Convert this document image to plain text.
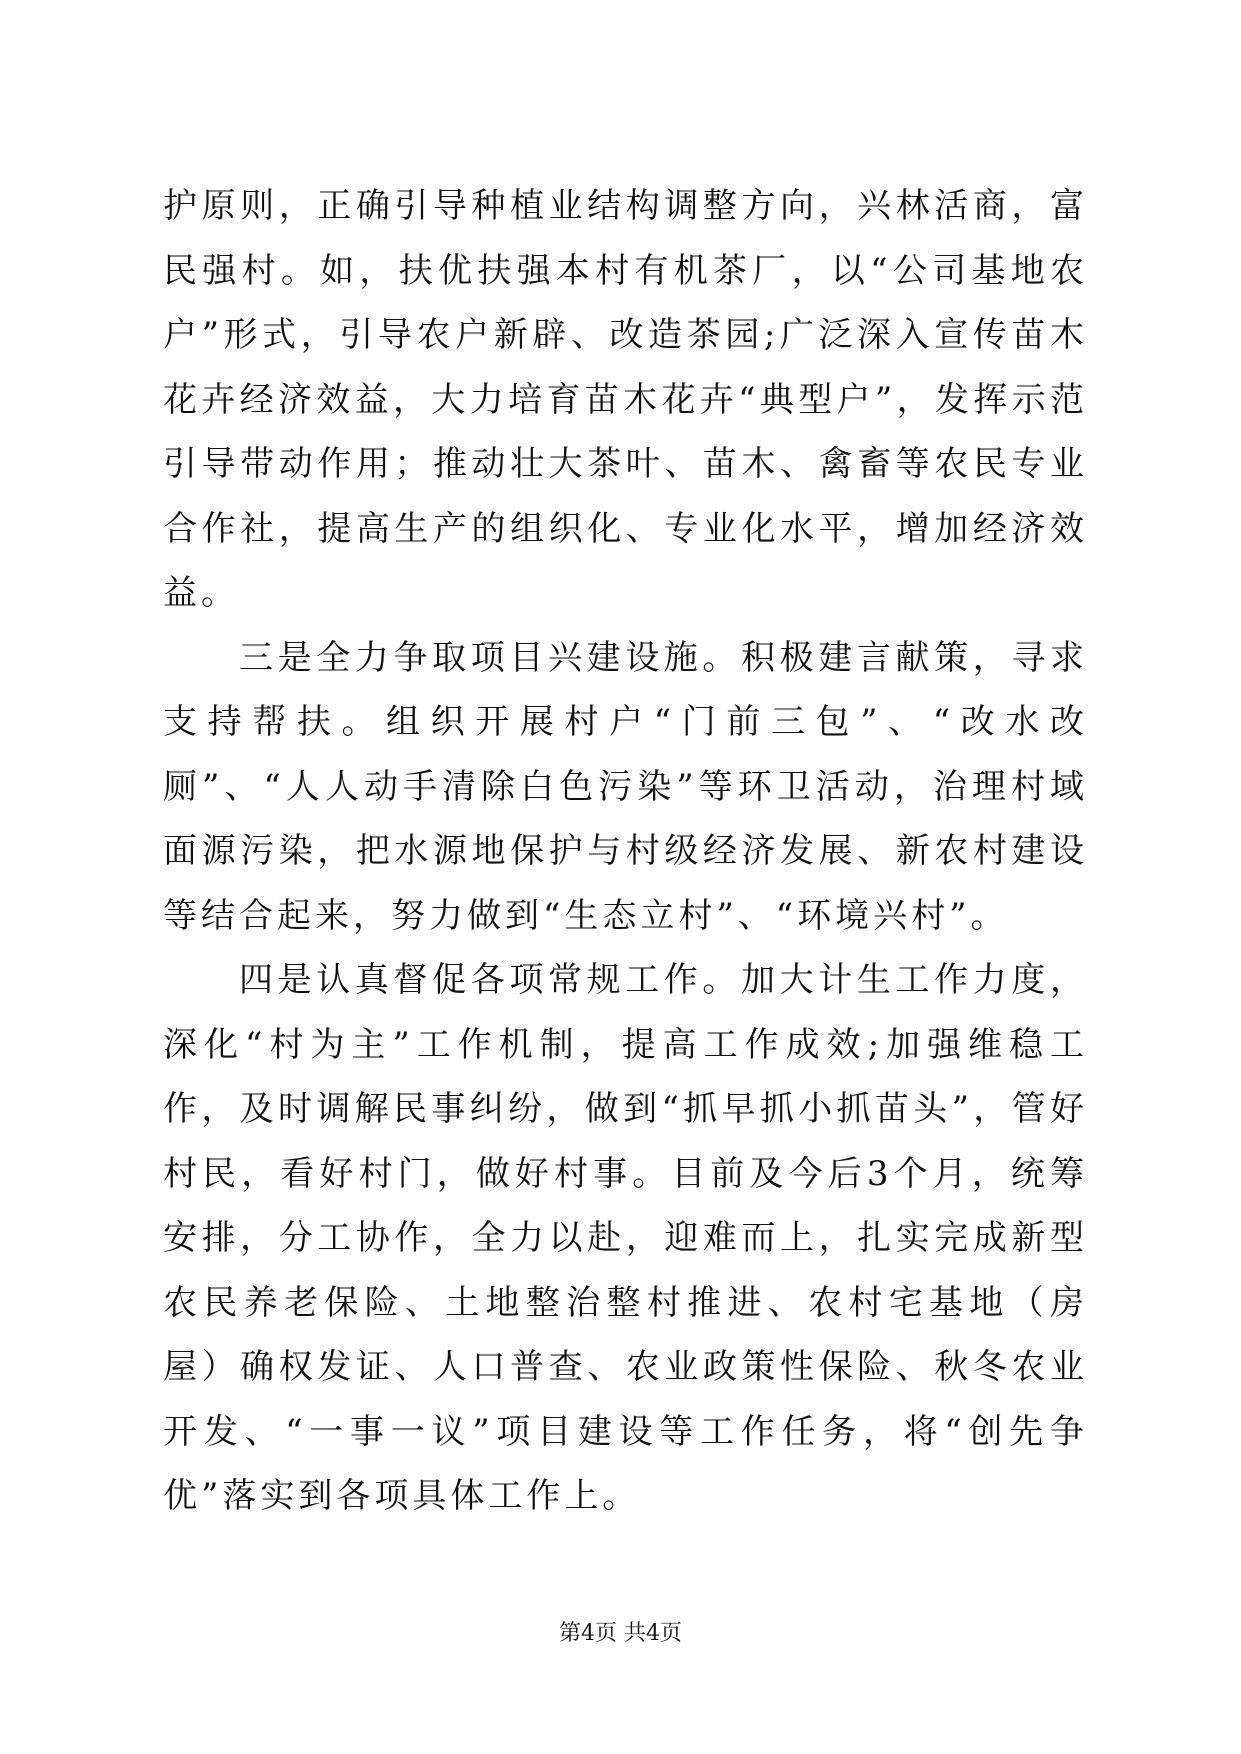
护原则，正确引导种植业结构调整方向，兴林活商，富民强村。如，扶优扶强本村有机茶厂，以“公司基地农户”形式，引导农户新辟、改造茶园;广泛深入宣传苗木花卉经济效益，大力培育苗木花卉“典型户”，发挥示范引导带动作用；推动壮大茶叶、苗木、禽畜等农民专业合作社，提高生产的组织化、专业化水平，增加经济效益。

三是全力争取项目兴建设施。积极建言献策，寻求支持帮扶。组织开展村户“门前三包”、“改水改厕”、“人人动手清除白色污染”等环卫活动，治理村域面源污染，把水源地保护与村级经济发展、新农村建设等结合起来，努力做到“生态立村”、“环境兴村”。

四是认真督促各项常规工作。加大计生工作力度，深化“村为主”工作机制，提高工作成效;加强维稳工作，及时调解民事纠纷，做到“抓早抓小抓苗头”，管好村民，看好村门，做好村事。目前及今后3个月，统筹安排，分工协作，全力以赴，迎难而上，扎实完成新型农民养老保险、土地整治整村推进、农村宅基地（房屋）确权发证、人口普查、农业政策性保险、秋冬农业开发、“一事一议”项目建设等工作任务，将“创先争优”落实到各项具体工作上。

第4页 共4页
